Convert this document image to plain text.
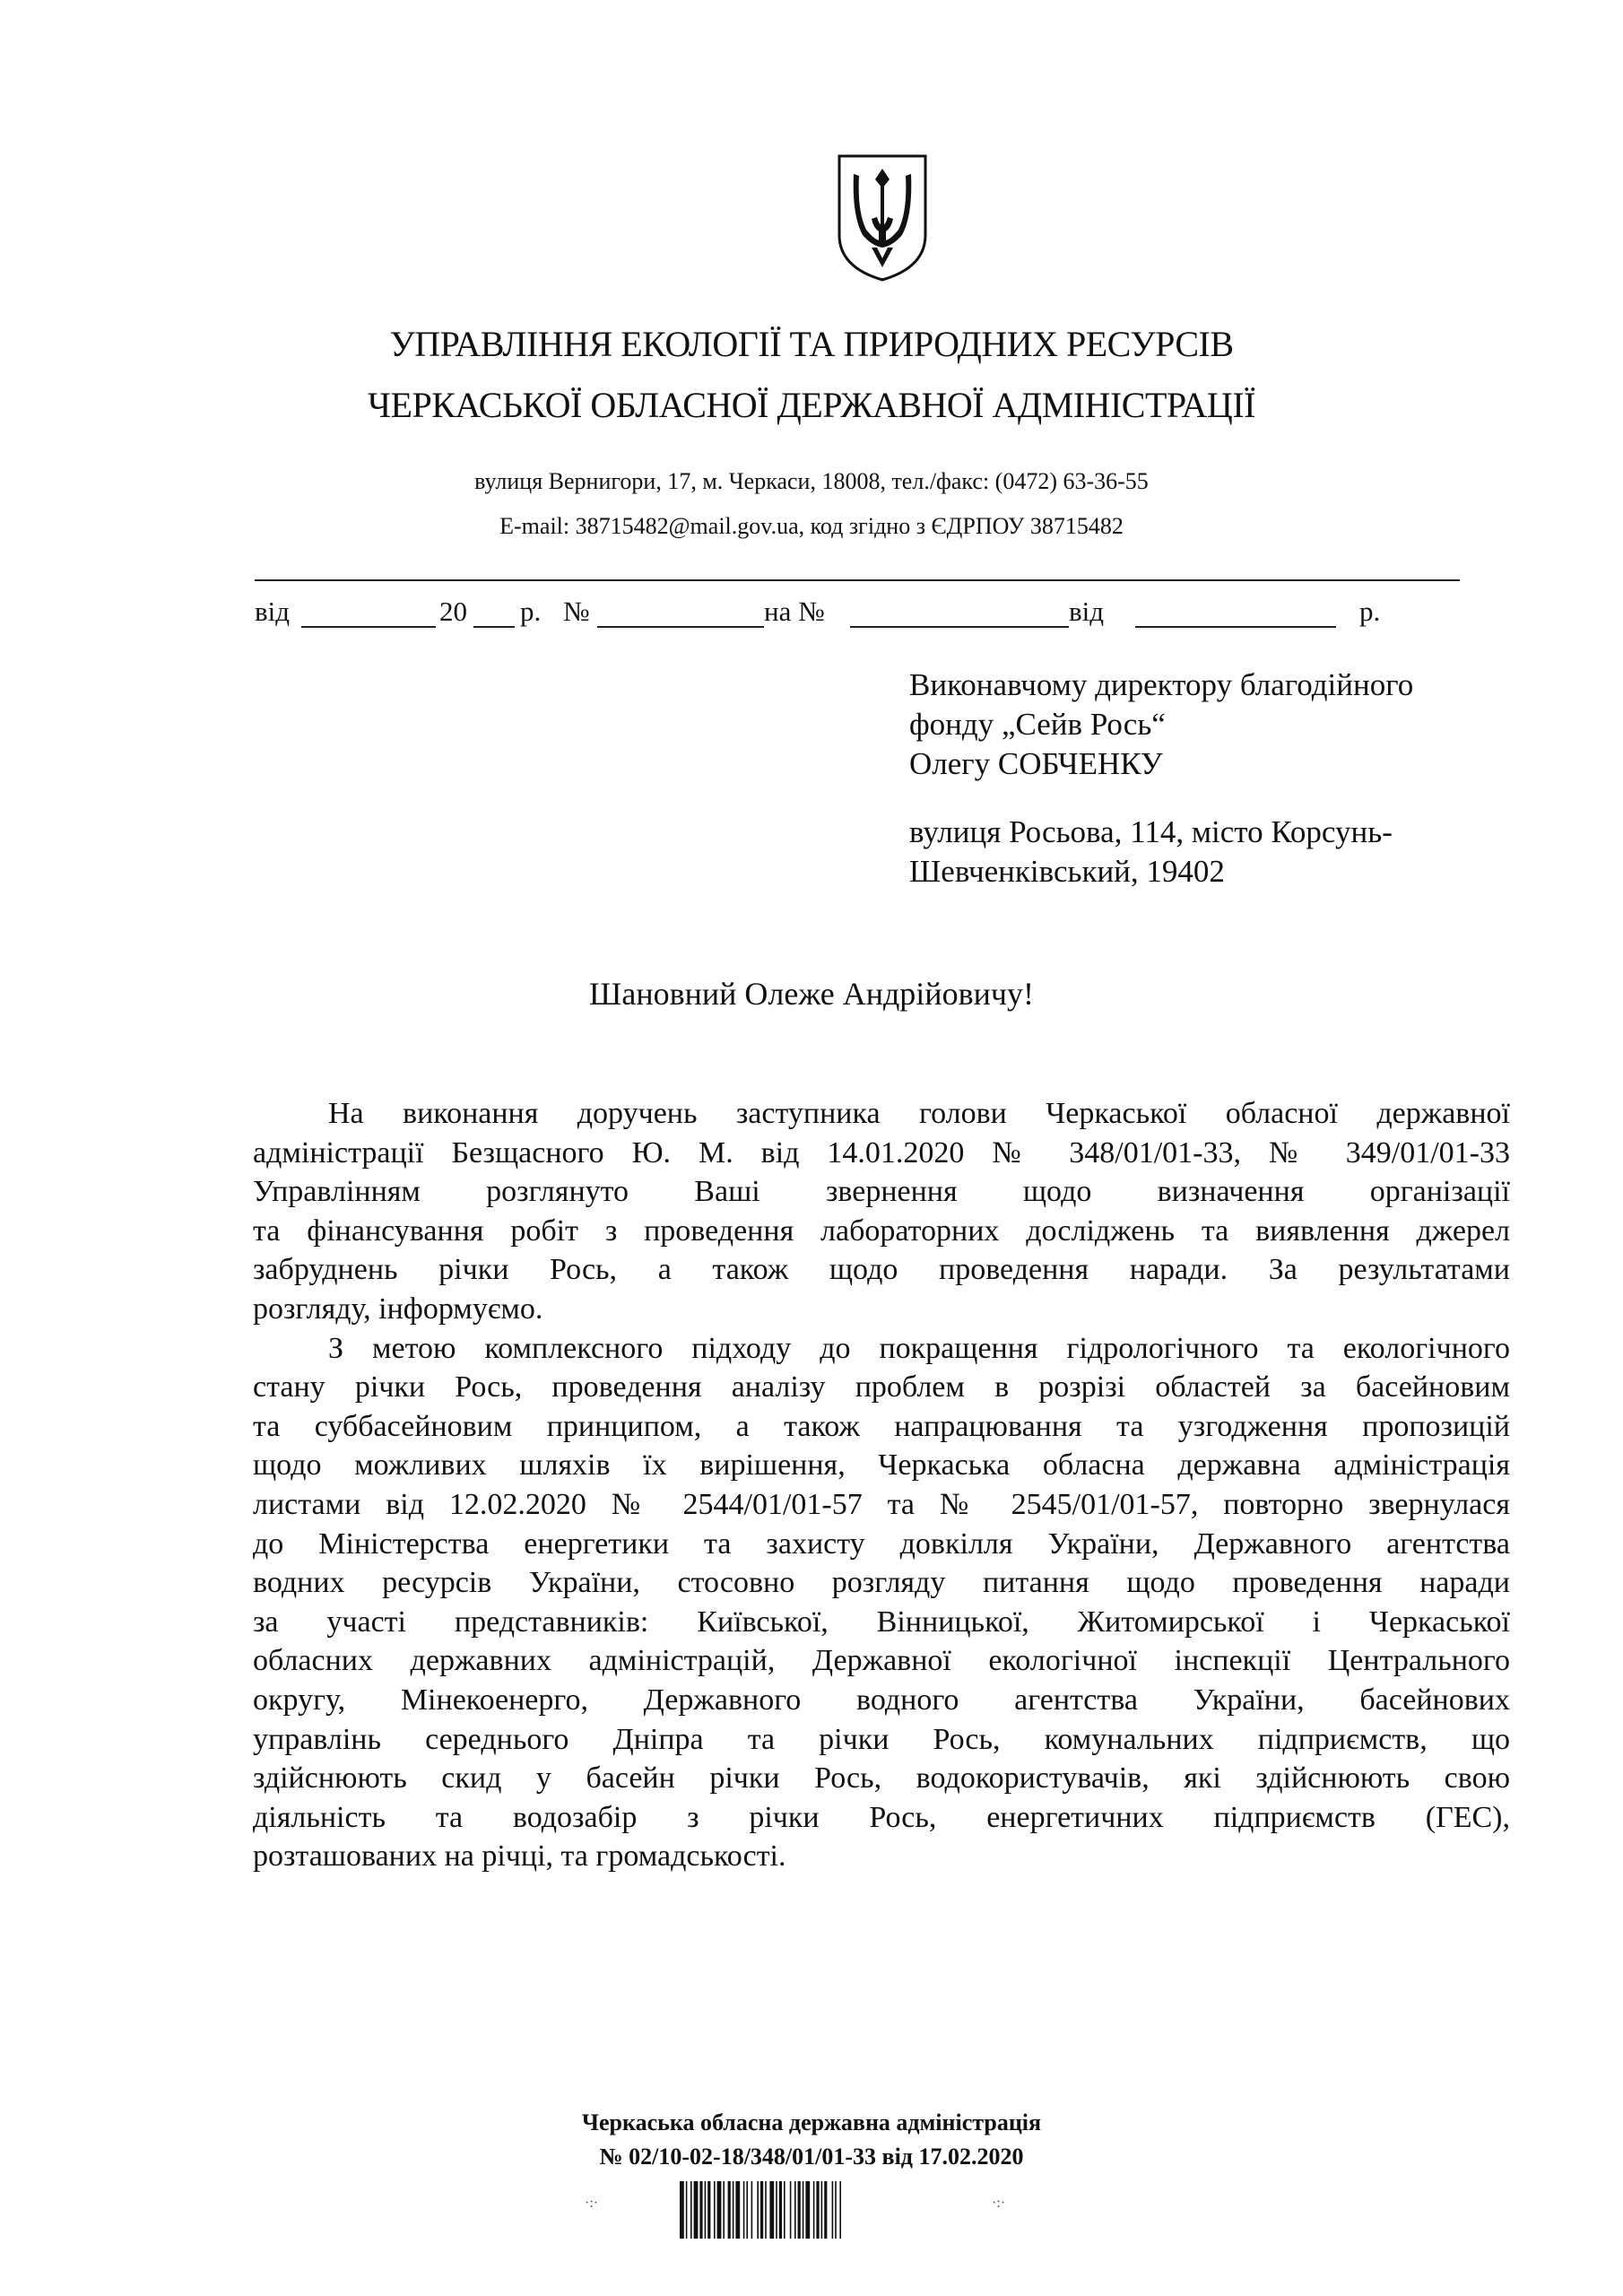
УПРАВЛІННЯ ЕКОЛОГІЇ ТА ПРИРОДНИХ РЕСУРСІВ
ЧЕРКАСЬКОЇ ОБЛАСНОЇ ДЕРЖАВНОЇ АДМІНІСТРАЦІЇ
вулиця Вернигори, 17, м. Черкаси, 18008, тел./факс: (0472) 63-36-55
E-mail: 38715482@mail.gov.ua, код згідно з ЄДРПОУ 38715482
від	20 р. №	на №	від	р.
Виконавчому директору благодійного
фонду „Сейв Рось“
Олегу СОБЧЕНКУ
вулиця Росьова, 114, місто Корсунь-
Шевченківський, 19402
Шановний Олеже Андрійовичу!
На виконання доручень заступника голови Черкаської обласної державної
адміністрації Безщасного Ю. М. від 14.01.2020 № 348/01/01-33, № 349/01/01-33
Управлінням розглянуто Ваші звернення щодо визначення організації
та фінансування робіт з проведення лабораторних досліджень та виявлення джерел
забруднень річки Рось, а також щодо проведення наради. За результатами
розгляду, інформуємо.
З метою комплексного підходу до покращення гідрологічного та екологічного
стану річки Рось, проведення аналізу проблем в розрізі областей за басейновим
та суббасейновим принципом, а також напрацювання та узгодження пропозицій
щодо можливих шляхів їх вирішення, Черкаська обласна державна адміністрація
листами від 12.02.2020 № 2544/01/01-57 та № 2545/01/01-57, повторно звернулася
до Міністерства енергетики та захисту довкілля України, Державного агентства
водних ресурсів України, стосовно розгляду питання щодо проведення наради
за участі представників: Київської, Вінницької, Житомирської і Черкаської
обласних державних адміністрацій, Державної екологічної інспекції Центрального
округу, Мінекоенерго, Державного водного агентства України, басейнових
управлінь середнього Дніпра та річки Рось, комунальних підприємств, що
здійснюють скид у басейн річки Рось, водокористувачів, які здійснюють свою
діяльність та водозабір з річки Рось, енергетичних підприємств (ГЕС),
розташованих на річці, та громадськості.
Черкаська обласна державна адміністрація
№ 02/10-02-18/348/01/01-33 від 17.02.2020
·:·	·:·
